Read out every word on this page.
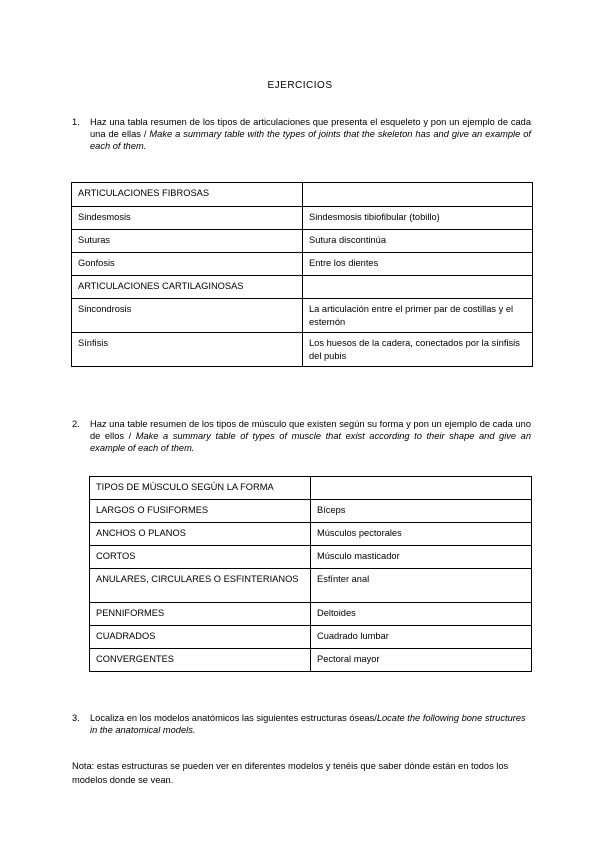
EJERCICIOS
1. Haz una tabla resumen de los tipos de articulaciones que presenta el esqueleto y pon un ejemplo de cada una de ellas / Make a summary table with the types of joints that the skeleton has and give an example of each of them.
ARTICULACIONES FIBROSAS	
Sindesmosis	Sindesmosis tibiofibular (tobillo)
Suturas	Sutura discontinúa
Gonfosis	Entre los dientes
ARTICULACIONES CARTILAGINOSAS	
Sincondrosis	La articulación entre el primer par de costillas y el esternón
Sínfisis	Los huesos de la cadera, conectados por la sínfisis del pubis
2. Haz una table resumen de los tipos de músculo que existen según su forma y pon un ejemplo de cada uno de ellos / Make a summary table of types of muscle that exist according to their shape and give an example of each of them.
TIPOS DE MÚSCULO SEGÚN LA FORMA	
LARGOS O FUSIFORMES	Bíceps
ANCHOS O PLANOS	Músculos pectorales
CORTOS	Músculo masticador
ANULARES, CIRCULARES O ESFINTERIANOS	Esfínter anal
PENNIFORMES	Deltoides
CUADRADOS	Cuadrado lumbar
CONVERGENTES	Pectoral mayor
3. Localiza en los modelos anatómicos las siguientes estructuras óseas/Locate the following bone structures in the anatomical models.
Nota: estas estructuras se pueden ver en diferentes modelos y tenéis que saber dónde están en todos los modelos donde se vean.
